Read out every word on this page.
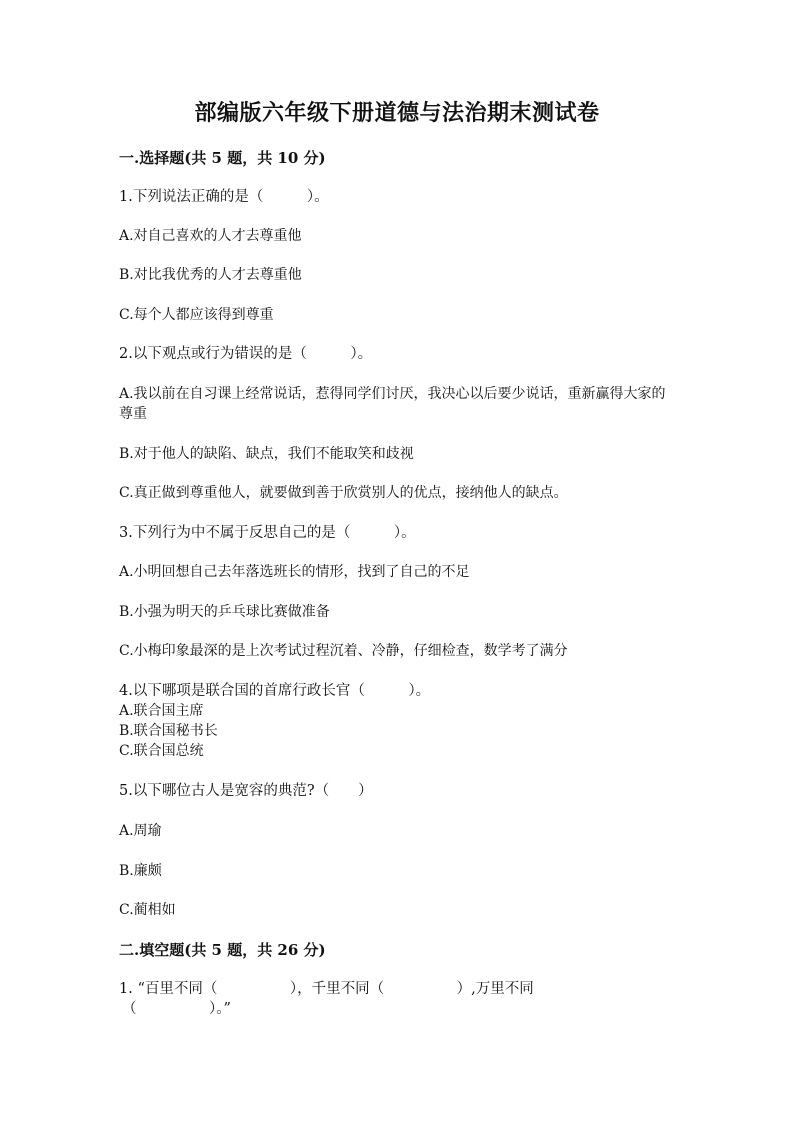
部编版六年级下册道德与法治期末测试卷
一.选择题(共 5 题，共 10 分)
1.下列说法正确的是（　　　）。
A.对自己喜欢的人才去尊重他
B.对比我优秀的人才去尊重他
C.每个人都应该得到尊重
2.以下观点或行为错误的是（　　　）。
A.我以前在自习课上经常说话，惹得同学们讨厌，我决心以后要少说话，重新赢得大家的尊重
B.对于他人的缺陷、缺点，我们不能取笑和歧视
C.真正做到尊重他人，就要做到善于欣赏别人的优点，接纳他人的缺点。
3.下列行为中不属于反思自己的是（　　　）。
A.小明回想自己去年落选班长的情形，找到了自己的不足
B.小强为明天的乒乓球比赛做准备
C.小梅印象最深的是上次考试过程沉着、冷静，仔细检查，数学考了满分
4.以下哪项是联合国的首席行政长官（　　　）。
A.联合国主席
B.联合国秘书长
C.联合国总统
5.以下哪位古人是宽容的典范?（　　）
A.周瑜
B.廉颇
C.蔺相如
二.填空题(共 5 题，共 26 分)
1. “百里不同（　　　　　），千里不同（　　　　　）,万里不同
（　　　　　）。”
